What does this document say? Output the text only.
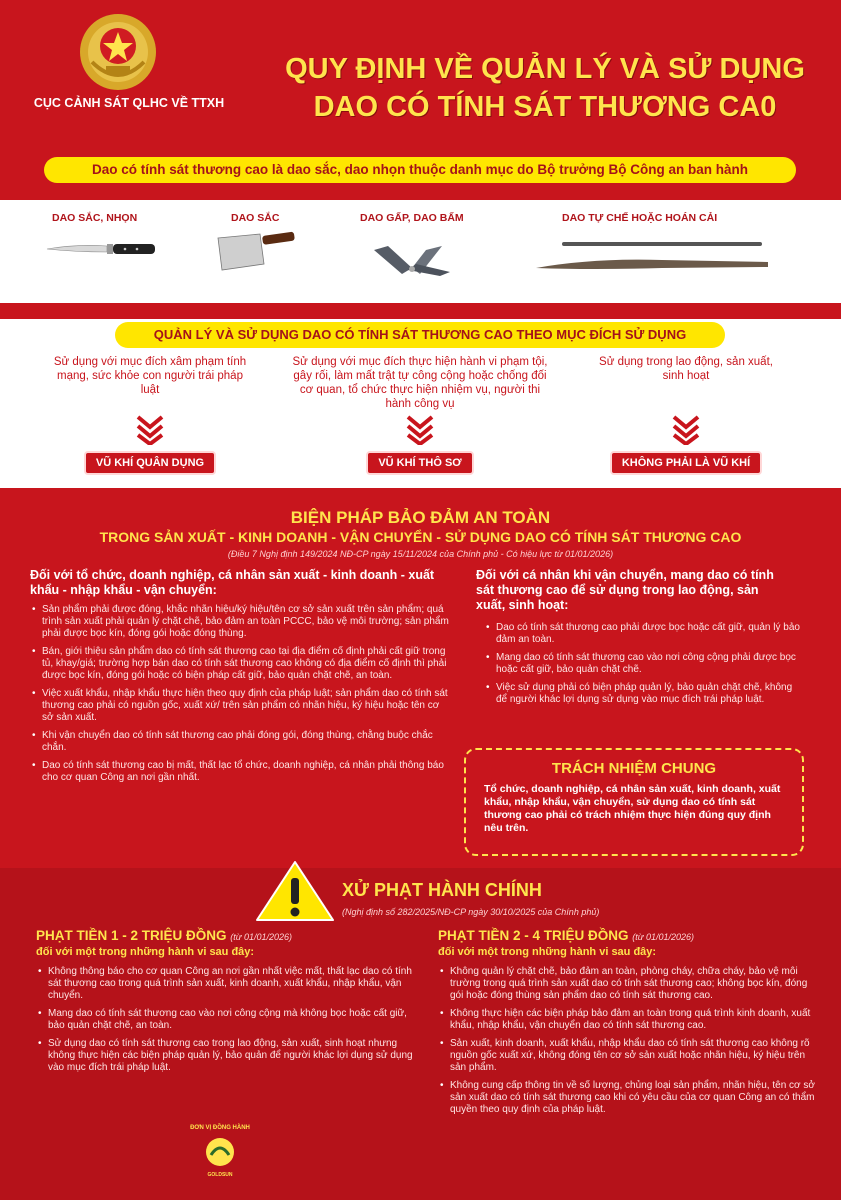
CỤC CẢNH SÁT QLHC VỀ TTXH
QUY ĐỊNH VỀ QUẢN LÝ VÀ SỬ DỤNG
DAO CÓ TÍNH SÁT THƯƠNG CA0
Dao có tính sát thương cao là dao sắc, dao nhọn thuộc danh mục do Bộ trưởng Bộ Công an ban hành
DAO SẮC, NHỌN	DAO SẮC	DAO GẤP, DAO BẤM	DAO TỰ CHẾ HOẶC HOÁN CẢI
QUẢN LÝ VÀ SỬ DỤNG DAO CÓ TÍNH SÁT THƯƠNG CAO THEO MỤC ĐÍCH SỬ DỤNG
Sử dụng với mục đích xâm phạm tính mạng, sức khỏe con người trái pháp luật
VŨ KHÍ QUÂN DỤNG
Sử dụng với mục đích thực hiện hành vi phạm tội, gây rối, làm mất trật tự công cộng hoặc chống đối cơ quan, tổ chức thực hiện nhiệm vụ, người thi hành công vụ
VŨ KHÍ THÔ SƠ
Sử dụng trong lao động, sản xuất, sinh hoạt
KHÔNG PHẢI LÀ VŨ KHÍ
BIỆN PHÁP BẢO ĐẢM AN TOÀN
TRONG SẢN XUẤT - KINH DOANH - VẬN CHUYỂN - SỬ DỤNG DAO CÓ TÍNH SÁT THƯƠNG CAO
(Điều 7 Nghị định 149/2024 NĐ-CP ngày 15/11/2024 của Chính phủ - Có hiệu lực từ 01/01/2026)
Đối với tổ chức, doanh nghiệp, cá nhân sản xuất - kinh doanh - xuất khẩu - nhập khẩu - vận chuyển:
• Sản phẩm phải được đóng, khắc nhãn hiệu/ký hiệu/tên cơ sở sản xuất trên sản phẩm; quá trình sản xuất phải quản lý chặt chẽ, bảo đảm an toàn PCCC, bảo vệ môi trường; sản phẩm phải được bọc kín, đóng gói hoặc đóng thùng.
• Bán, giới thiệu sản phẩm dao có tính sát thương cao tại địa điểm cố định phải cất giữ trong tủ, khay/giá; trường hợp bán dao có tính sát thương cao không có địa điểm cố định thì phải được bọc kín, đóng gói hoặc có biện pháp cất giữ, bảo quản chặt chẽ, an toàn.
• Việc xuất khẩu, nhập khẩu thực hiện theo quy định của pháp luật; sản phẩm dao có tính sát thương cao phải có nguồn gốc, xuất xứ/ trên sản phẩm có nhãn hiệu, ký hiệu hoặc tên cơ sở sản xuất.
• Khi vận chuyển dao có tính sát thương cao phải đóng gói, đóng thùng, chằng buộc chắc chắn.
• Dao có tính sát thương cao bị mất, thất lạc tổ chức, doanh nghiệp, cá nhân phải thông báo cho cơ quan Công an nơi gần nhất.
Đối với cá nhân khi vận chuyển, mang dao có tính sát thương cao để sử dụng trong lao động, sản xuất, sinh hoạt:
• Dao có tính sát thương cao phải được bọc hoặc cất giữ, quản lý bảo đảm an toàn.
• Mang dao có tính sát thương cao vào nơi công cộng phải được bọc hoặc cất giữ, bảo quản chặt chẽ.
• Việc sử dụng phải có biện pháp quản lý, bảo quản chặt chẽ, không để người khác lợi dụng sử dụng vào mục đích trái pháp luật.
TRÁCH NHIỆM CHUNG
Tổ chức, doanh nghiệp, cá nhân sản xuất, kinh doanh, xuất khẩu, nhập khẩu, vận chuyển, sử dụng dao có tính sát thương cao phải có trách nhiệm thực hiện đúng quy định nêu trên.
XỬ PHẠT HÀNH CHÍNH
(Nghị định số 282/2025/NĐ-CP ngày 30/10/2025 của Chính phủ)
PHẠT TIỀN 1 - 2 TRIỆU ĐỒNG (từ 01/01/2026)
đối với một trong những hành vi sau đây:
• Không thông báo cho cơ quan Công an nơi gần nhất việc mất, thất lạc dao có tính sát thương cao trong quá trình sản xuất, kinh doanh, xuất khẩu, nhập khẩu, vận chuyển.
• Mang dao có tính sát thương cao vào nơi công cộng mà không bọc hoặc cất giữ, bảo quản chặt chẽ, an toàn.
• Sử dụng dao có tính sát thương cao trong lao động, sản xuất, sinh hoạt nhưng không thực hiện các biện pháp quản lý, bảo quản để người khác lợi dụng sử dụng vào mục đích trái pháp luật.
PHẠT TIỀN 2 - 4 TRIỆU ĐỒNG (từ 01/01/2026)
đối với một trong những hành vi sau đây:
• Không quản lý chặt chẽ, bảo đảm an toàn, phòng cháy, chữa cháy, bảo vệ môi trường trong quá trình sản xuất dao có tính sát thương cao; không bọc kín, đóng gói hoặc đóng thùng sản phẩm dao có tính sát thương cao.
• Không thực hiện các biện pháp bảo đảm an toàn trong quá trình kinh doanh, xuất khẩu, nhập khẩu, vận chuyển dao có tính sát thương cao.
• Sản xuất, kinh doanh, xuất khẩu, nhập khẩu dao có tính sát thương cao không rõ nguồn gốc xuất xứ, không đóng tên cơ sở sản xuất hoặc nhãn hiệu, ký hiệu trên sản phẩm.
• Không cung cấp thông tin về số lượng, chủng loại sản phẩm, nhãn hiệu, tên cơ sở sản xuất dao có tính sát thương cao khi có yêu cầu của cơ quan Công an có thẩm quyền theo quy định của pháp luật.
ĐƠN VỊ ĐỒNG HÀNH
GOLDSUN
